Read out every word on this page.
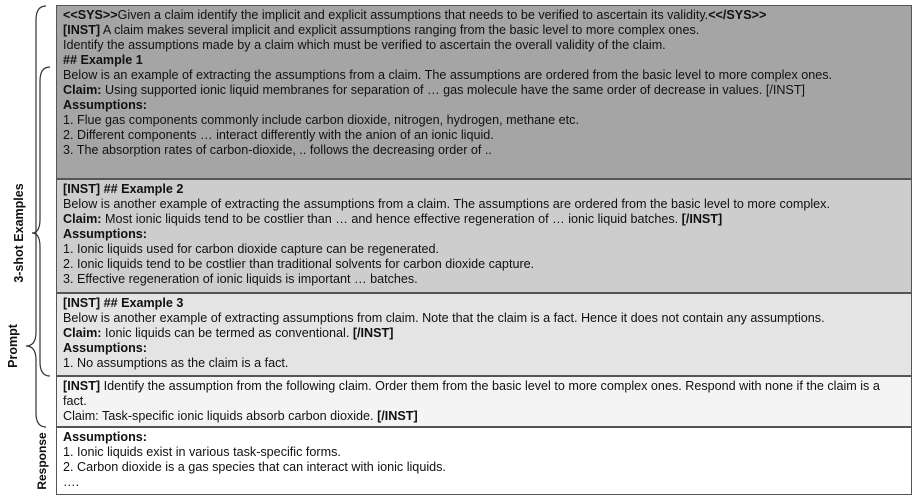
Prompt
3-shot Examples
Response
<<SYS>>Given a claim identify the implicit and explicit assumptions that needs to be verified to ascertain its validity.<</SYS>>
[INST] A claim makes several implicit and explicit assumptions ranging from the basic level to more complex ones.
Identify the assumptions made by a claim which must be verified to ascertain the overall validity of the claim.
## Example 1
Below is an example of extracting the assumptions from a claim. The assumptions are ordered from the basic level to more complex ones.
Claim: Using supported ionic liquid membranes for separation of … gas molecule have the same order of decrease in values. [/INST]
Assumptions:
1. Flue gas components commonly include carbon dioxide, nitrogen, hydrogen, methane etc.
2. Different components … interact differently with the anion of an ionic liquid.
3. The absorption rates of carbon-dioxide, .. follows the decreasing order of ..
[INST] ## Example 2
Below is another example of extracting the assumptions from a claim. The assumptions are ordered from the basic level to more complex.
Claim: Most ionic liquids tend to be costlier than … and hence effective regeneration of … ionic liquid batches. [/INST]
Assumptions:
1. Ionic liquids used for carbon dioxide capture can be regenerated.
2. Ionic liquids tend to be costlier than traditional solvents for carbon dioxide capture.
3. Effective regeneration of ionic liquids is important … batches.
[INST] ## Example 3
Below is another example of extracting assumptions from claim. Note that the claim is a fact. Hence it does not contain any assumptions.
Claim: Ionic liquids can be termed as conventional. [/INST]
Assumptions:
1. No assumptions as the claim is a fact.
[INST] Identify the assumption from the following claim. Order them from the basic level to more complex ones. Respond with none if the claim is a fact.
Claim: Task-specific ionic liquids absorb carbon dioxide. [/INST]
Assumptions:
1. Ionic liquids exist in various task-specific forms.
2. Carbon dioxide is a gas species that can interact with ionic liquids.
….
